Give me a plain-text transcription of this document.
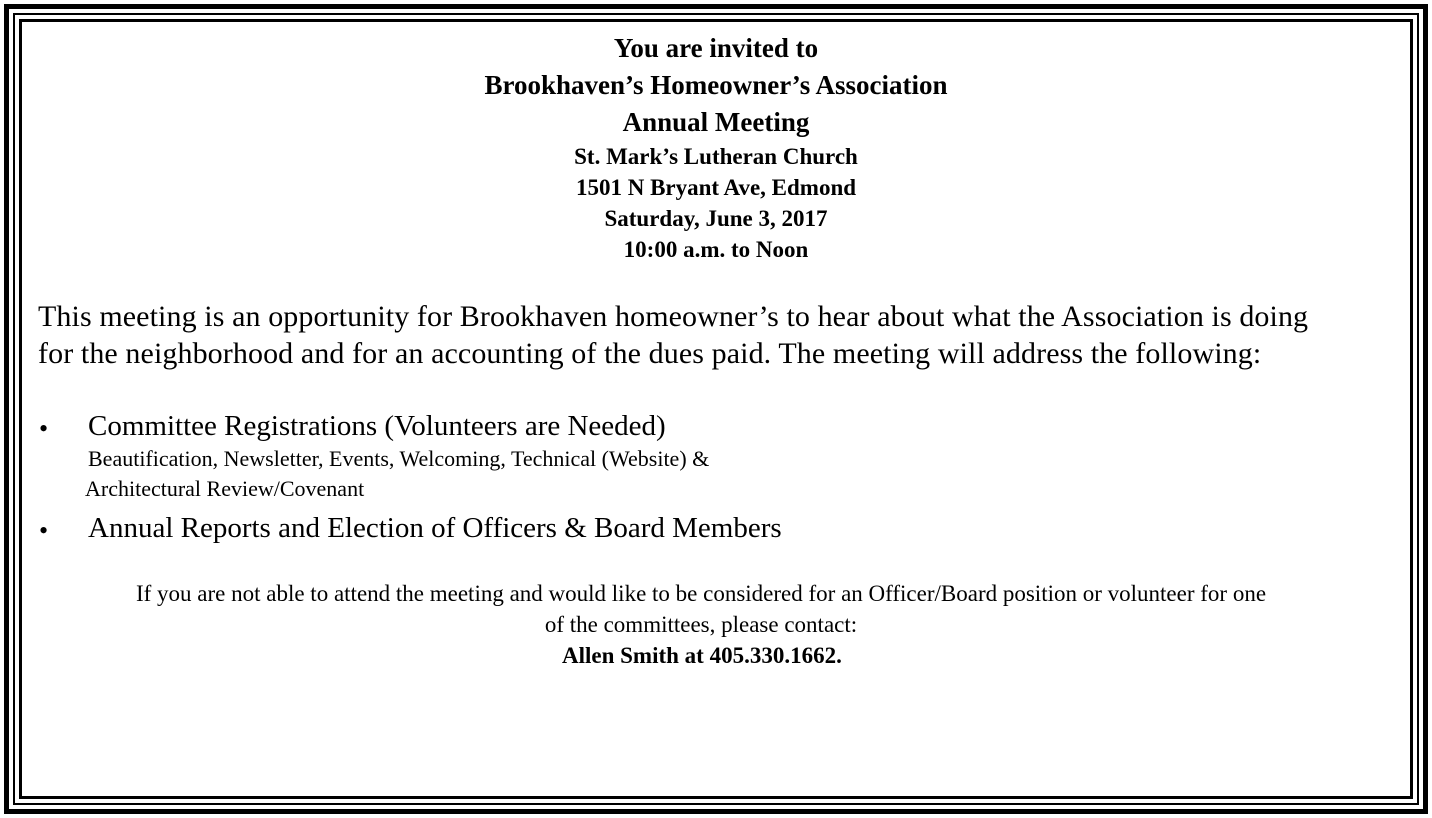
You are invited to
Brookhaven’s Homeowner’s Association
Annual Meeting
St. Mark’s Lutheran Church
1501 N Bryant Ave, Edmond
Saturday, June 3, 2017
10:00 a.m. to Noon
This meeting is an opportunity for Brookhaven homeowner’s to hear about what the Association is doing
for the neighborhood and for an accounting of the dues paid. The meeting will address the following:
• Committee Registrations (Volunteers are Needed)
Beautification, Newsletter, Events, Welcoming, Technical (Website) &
Architectural Review/Covenant
• Annual Reports and Election of Officers & Board Members
If you are not able to attend the meeting and would like to be considered for an Officer/Board position or volunteer for one
of the committees, please contact:
Allen Smith at 405.330.1662.
